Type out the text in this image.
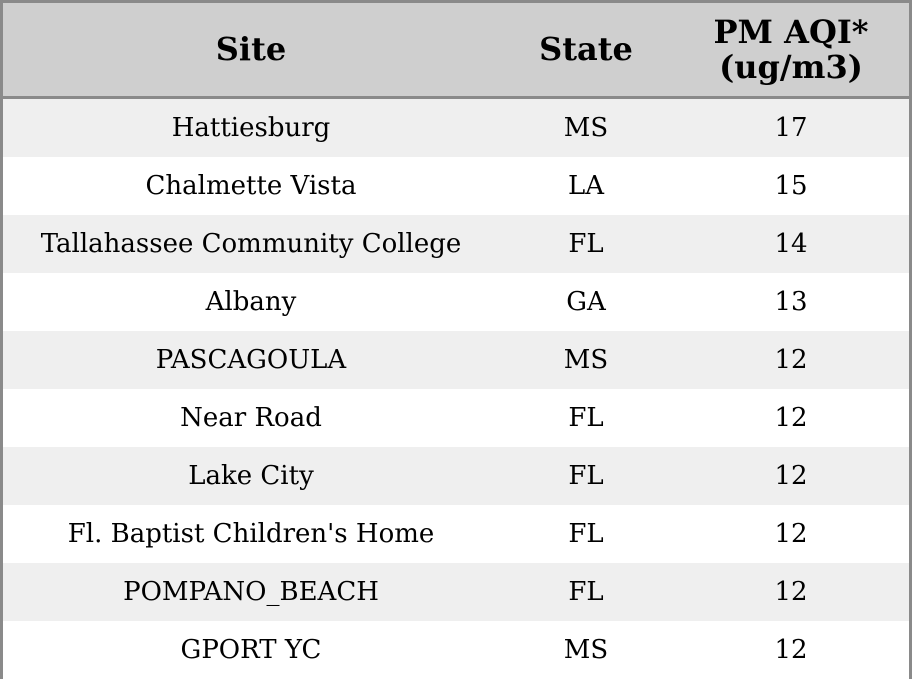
Site	State	PM AQI*
(ug/m3)

Hattiesburg	MS	17
Chalmette Vista	LA	15
Tallahassee Community College	FL	14
Albany	GA	13
PASCAGOULA	MS	12
Near Road	FL	12
Lake City	FL	12
Fl. Baptist Children's Home	FL	12
POMPANO_BEACH	FL	12
GPORT YC	MS	12
